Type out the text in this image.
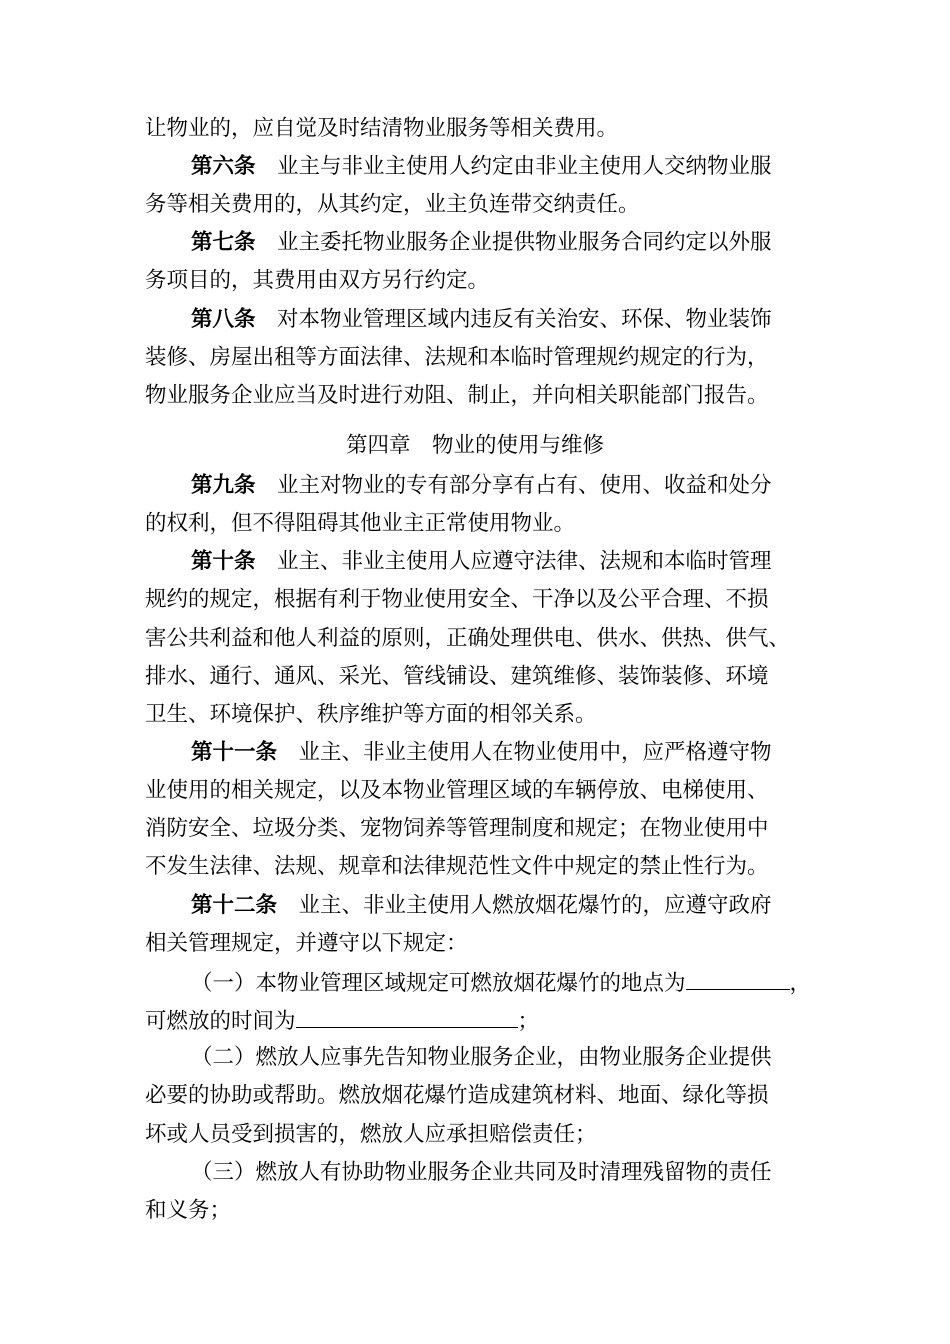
让物业的，应自觉及时结清物业服务等相关费用。

第六条　业主与非业主使用人约定由非业主使用人交纳物业服

务等相关费用的，从其约定，业主负连带交纳责任。

第七条　业主委托物业服务企业提供物业服务合同约定以外服

务项目的，其费用由双方另行约定。

第八条　对本物业管理区域内违反有关治安、环保、物业装饰

装修、房屋出租等方面法律、法规和本临时管理规约规定的行为，

物业服务企业应当及时进行劝阻、制止，并向相关职能部门报告。

第四章　物业的使用与维修

第九条　业主对物业的专有部分享有占有、使用、收益和处分

的权利，但不得阻碍其他业主正常使用物业。

第十条　业主、非业主使用人应遵守法律、法规和本临时管理

规约的规定，根据有利于物业使用安全、干净以及公平合理、不损

害公共利益和他人利益的原则，正确处理供电、供水、供热、供气、

排水、通行、通风、采光、管线铺设、建筑维修、装饰装修、环境

卫生、环境保护、秩序维护等方面的相邻关系。

第十一条　业主、非业主使用人在物业使用中，应严格遵守物

业使用的相关规定，以及本物业管理区域的车辆停放、电梯使用、

消防安全、垃圾分类、宠物饲养等管理制度和规定；在物业使用中

不发生法律、法规、规章和法律规范性文件中规定的禁止性行为。

第十二条　业主、非业主使用人燃放烟花爆竹的，应遵守政府

相关管理规定，并遵守以下规定：

（一）本物业管理区域规定可燃放烟花爆竹的地点为	，

可燃放的时间为	；

（二）燃放人应事先告知物业服务企业，由物业服务企业提供

必要的协助或帮助。燃放烟花爆竹造成建筑材料、地面、绿化等损

坏或人员受到损害的，燃放人应承担赔偿责任；

（三）燃放人有协助物业服务企业共同及时清理残留物的责任

和义务；
